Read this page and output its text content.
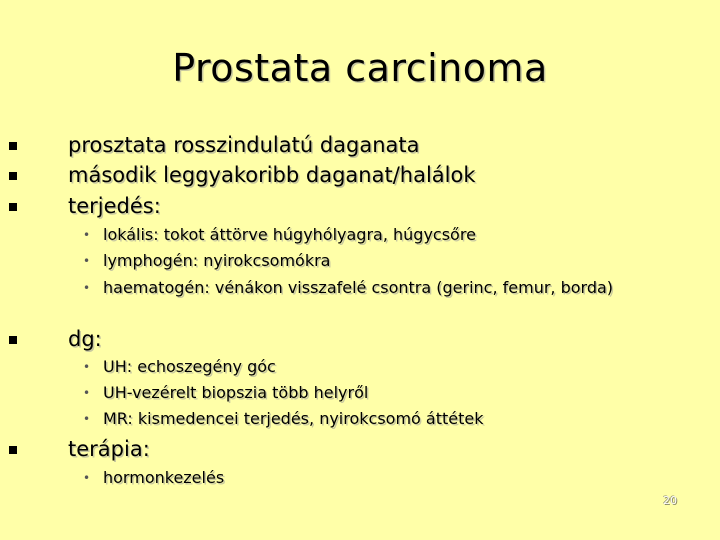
Prostata carcinoma
prosztata rosszindulatú daganata
második leggyakoribb daganat/halálok
terjedés:
• lokális: tokot áttörve húgyhólyagra, húgycsőre
• lymphogén: nyirokcsomókra
• haematogén: vénákon visszafelé csontra (gerinc, femur, borda)
dg:
• UH: echoszegény góc
• UH-vezérelt biopszia több helyről
• MR: kismedencei terjedés, nyirokcsomó áttétek
terápia:
• hormonkezelés
20
